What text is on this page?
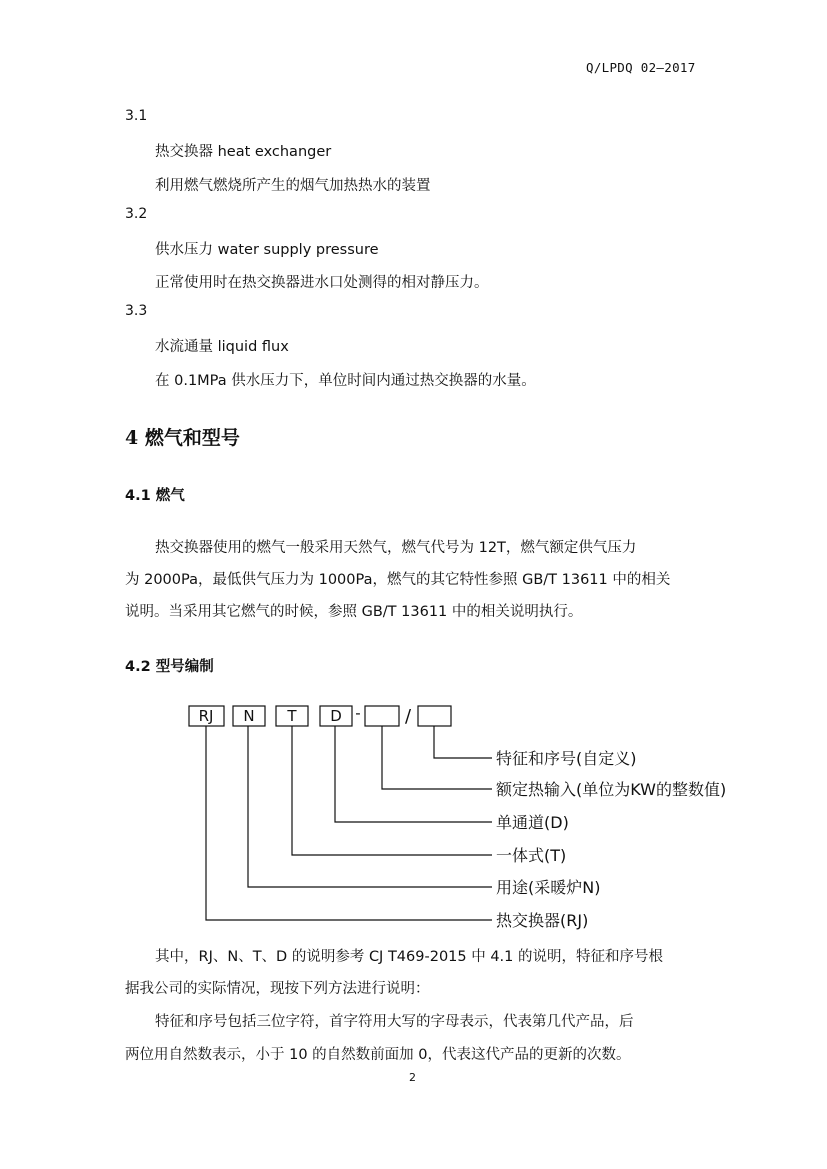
Q/LPDQ 02—2017
3.1
热交换器 heat exchanger
利用燃气燃烧所产生的烟气加热热水的装置
3.2
供水压力 water supply pressure
正常使用时在热交换器进水口处测得的相对静压力。
3.3
水流通量 liquid flux
在 0.1MPa 供水压力下，单位时间内通过热交换器的水量。
4 燃气和型号
4.1 燃气
热交换器使用的燃气一般采用天然气，燃气代号为 12T，燃气额定供气压力
为 2000Pa，最低供气压力为 1000Pa，燃气的其它特性参照 GB/T 13611 中的相关
说明。当采用其它燃气的时候，参照 GB/T 13611 中的相关说明执行。
4.2 型号编制
RJ N T D - /
特征和序号(自定义)
额定热输入(单位为KW的整数值)
单通道(D)
一体式(T)
用途(采暖炉N)
热交换器(RJ)
其中，RJ、N、T、D 的说明参考 CJ T469-2015 中 4.1 的说明，特征和序号根
据我公司的实际情况，现按下列方法进行说明：
特征和序号包括三位字符，首字符用大写的字母表示，代表第几代产品，后
两位用自然数表示，小于 10 的自然数前面加 0，代表这代产品的更新的次数。
2
